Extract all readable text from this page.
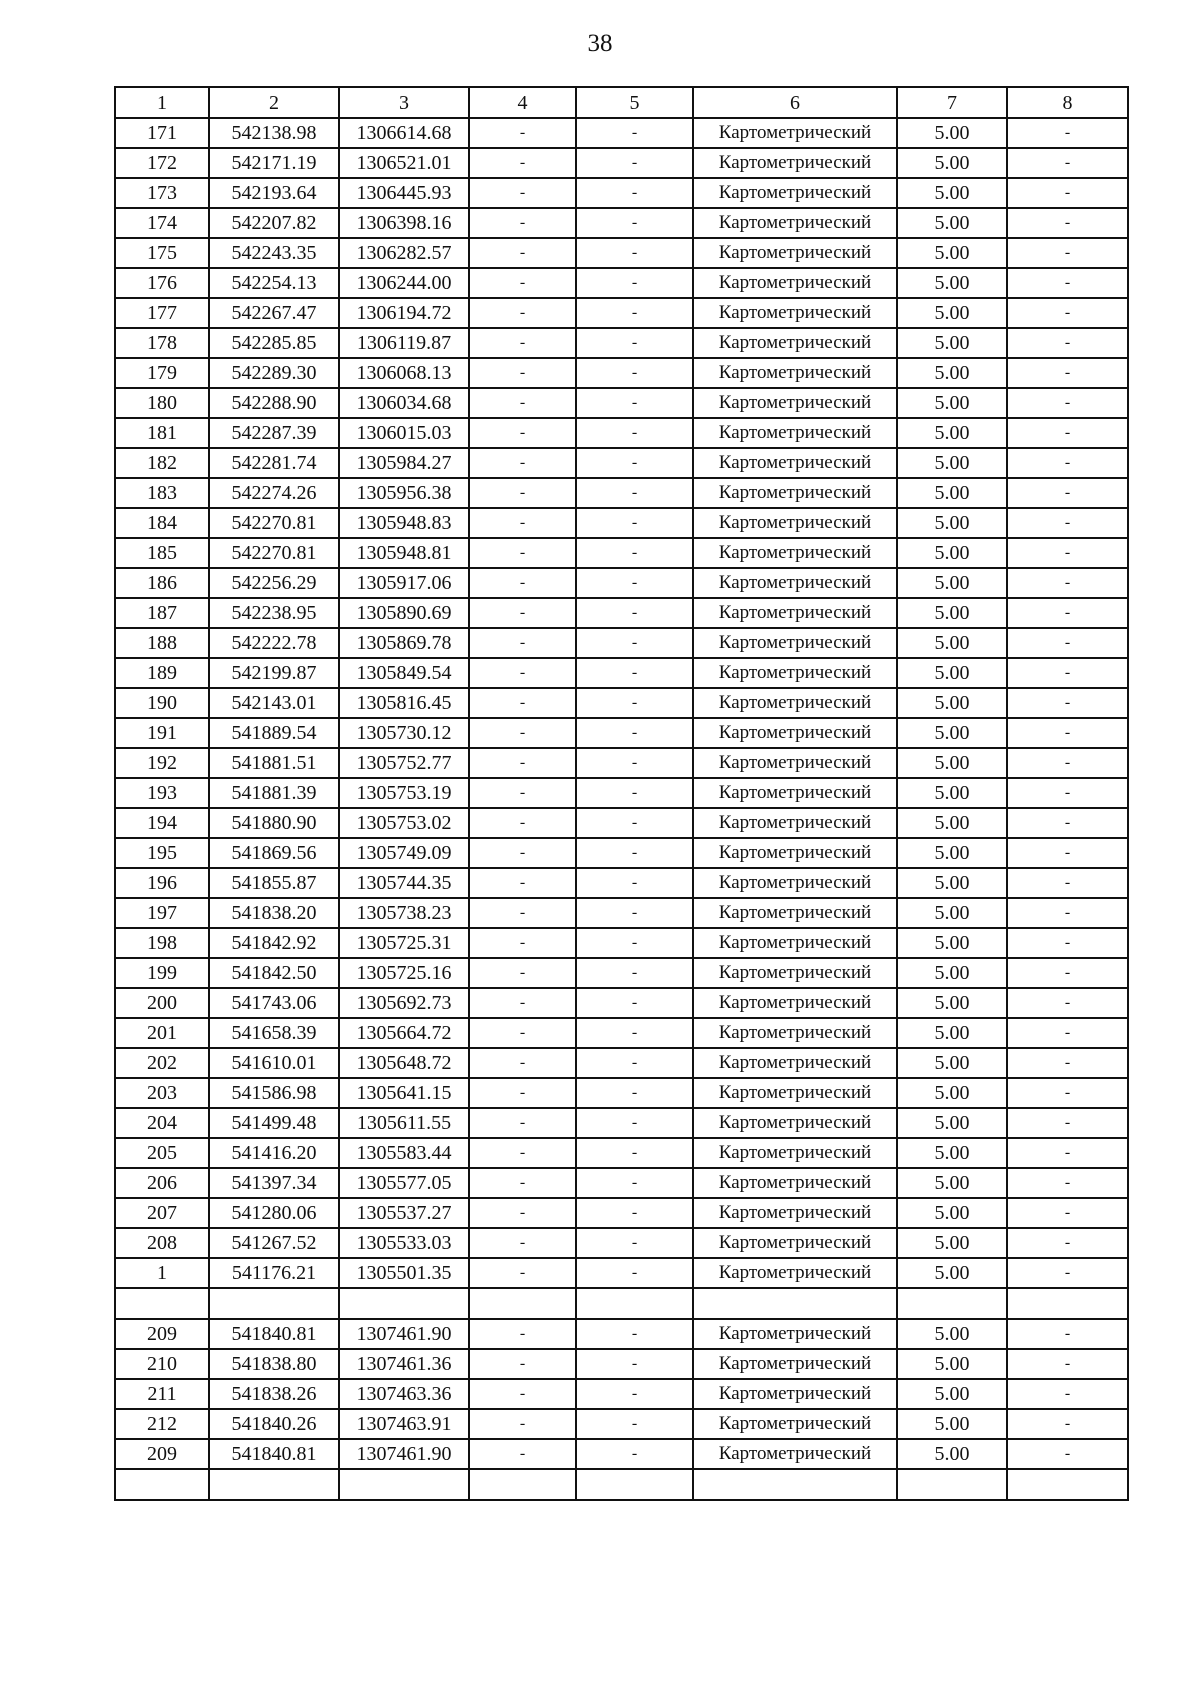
38
1	2	3	4	5	6	7	8
171	542138.98	1306614.68	-	-	Картометрический	5.00	-
172	542171.19	1306521.01	-	-	Картометрический	5.00	-
173	542193.64	1306445.93	-	-	Картометрический	5.00	-
174	542207.82	1306398.16	-	-	Картометрический	5.00	-
175	542243.35	1306282.57	-	-	Картометрический	5.00	-
176	542254.13	1306244.00	-	-	Картометрический	5.00	-
177	542267.47	1306194.72	-	-	Картометрический	5.00	-
178	542285.85	1306119.87	-	-	Картометрический	5.00	-
179	542289.30	1306068.13	-	-	Картометрический	5.00	-
180	542288.90	1306034.68	-	-	Картометрический	5.00	-
181	542287.39	1306015.03	-	-	Картометрический	5.00	-
182	542281.74	1305984.27	-	-	Картометрический	5.00	-
183	542274.26	1305956.38	-	-	Картометрический	5.00	-
184	542270.81	1305948.83	-	-	Картометрический	5.00	-
185	542270.81	1305948.81	-	-	Картометрический	5.00	-
186	542256.29	1305917.06	-	-	Картометрический	5.00	-
187	542238.95	1305890.69	-	-	Картометрический	5.00	-
188	542222.78	1305869.78	-	-	Картометрический	5.00	-
189	542199.87	1305849.54	-	-	Картометрический	5.00	-
190	542143.01	1305816.45	-	-	Картометрический	5.00	-
191	541889.54	1305730.12	-	-	Картометрический	5.00	-
192	541881.51	1305752.77	-	-	Картометрический	5.00	-
193	541881.39	1305753.19	-	-	Картометрический	5.00	-
194	541880.90	1305753.02	-	-	Картометрический	5.00	-
195	541869.56	1305749.09	-	-	Картометрический	5.00	-
196	541855.87	1305744.35	-	-	Картометрический	5.00	-
197	541838.20	1305738.23	-	-	Картометрический	5.00	-
198	541842.92	1305725.31	-	-	Картометрический	5.00	-
199	541842.50	1305725.16	-	-	Картометрический	5.00	-
200	541743.06	1305692.73	-	-	Картометрический	5.00	-
201	541658.39	1305664.72	-	-	Картометрический	5.00	-
202	541610.01	1305648.72	-	-	Картометрический	5.00	-
203	541586.98	1305641.15	-	-	Картометрический	5.00	-
204	541499.48	1305611.55	-	-	Картометрический	5.00	-
205	541416.20	1305583.44	-	-	Картометрический	5.00	-
206	541397.34	1305577.05	-	-	Картометрический	5.00	-
207	541280.06	1305537.27	-	-	Картометрический	5.00	-
208	541267.52	1305533.03	-	-	Картометрический	5.00	-
1	541176.21	1305501.35	-	-	Картометрический	5.00	-

209	541840.81	1307461.90	-	-	Картометрический	5.00	-
210	541838.80	1307461.36	-	-	Картометрический	5.00	-
211	541838.26	1307463.36	-	-	Картометрический	5.00	-
212	541840.26	1307463.91	-	-	Картометрический	5.00	-
209	541840.81	1307461.90	-	-	Картометрический	5.00	-
